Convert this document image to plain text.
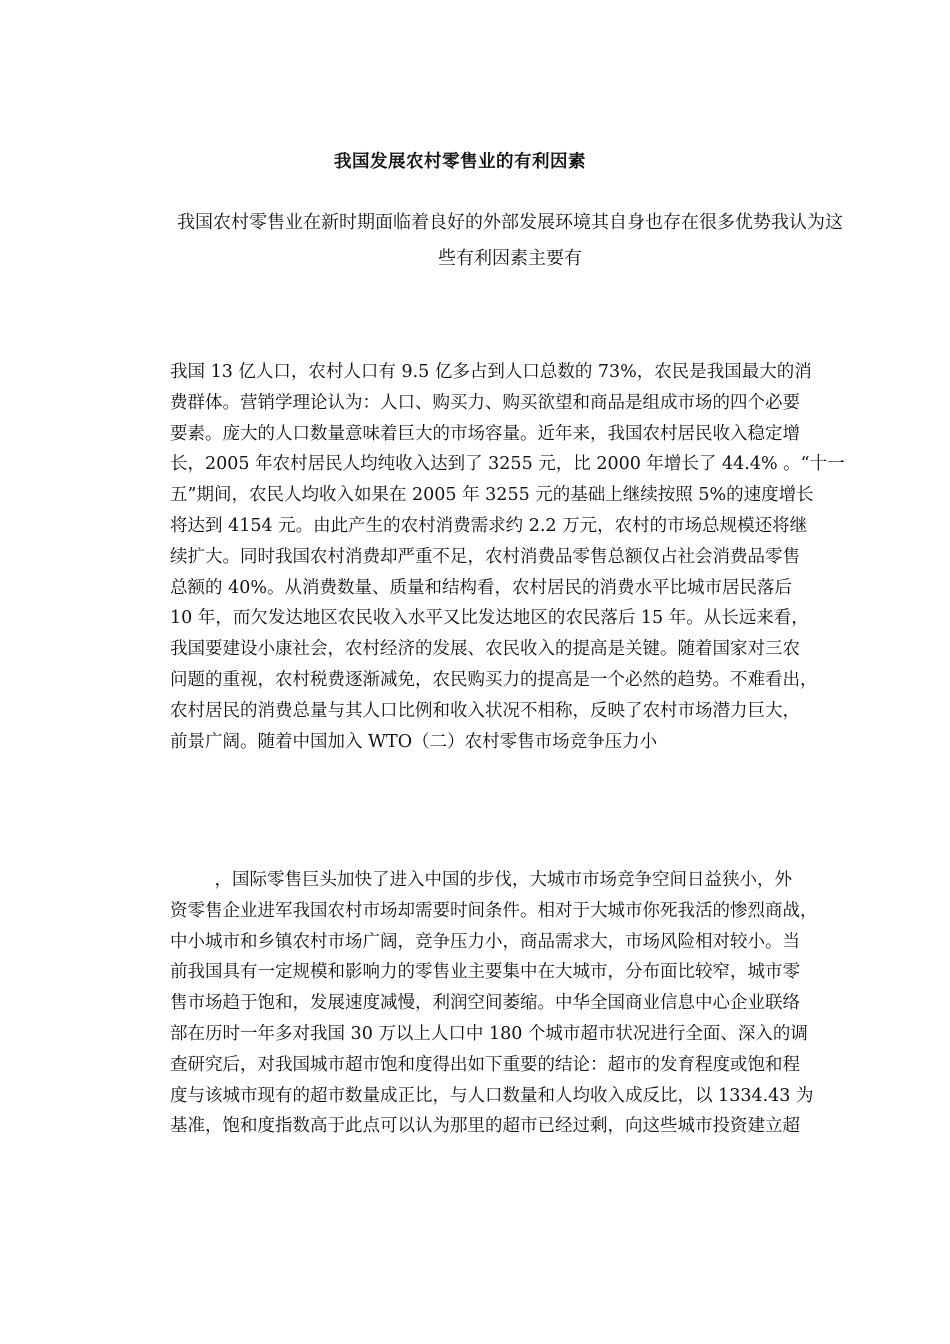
我国发展农村零售业的有利因素
我国农村零售业在新时期面临着良好的外部发展环境其自身也存在很多优势我认为这
些有利因素主要有
我国 13 亿人口，农村人口有 9.5 亿多占到人口总数的 73%，农民是我国最大的消
费群体。营销学理论认为：人口、购买力、购买欲望和商品是组成市场的四个必要
要素。庞大的人口数量意味着巨大的市场容量。近年来，我国农村居民收入稳定增
长，2005 年农村居民人均纯收入达到了 3255 元，比 2000 年增长了 44.4% 。“十一
五”期间，农民人均收入如果在 2005 年 3255 元的基础上继续按照 5%的速度增长
将达到 4154 元。由此产生的农村消费需求约 2.2 万元，农村的市场总规模还将继
续扩大。同时我国农村消费却严重不足，农村消费品零售总额仅占社会消费品零售
总额的 40%。从消费数量、质量和结构看，农村居民的消费水平比城市居民落后
10 年，而欠发达地区农民收入水平又比发达地区的农民落后 15 年。从长远来看，
我国要建设小康社会，农村经济的发展、农民收入的提高是关键。随着国家对三农
问题的重视，农村税费逐渐减免，农民购买力的提高是一个必然的趋势。不难看出，
农村居民的消费总量与其人口比例和收入状况不相称，反映了农村市场潜力巨大，
前景广阔。随着中国加入 WTO（二）农村零售市场竞争压力小
，国际零售巨头加快了进入中国的步伐，大城市市场竞争空间日益狭小，外
资零售企业进军我国农村市场却需要时间条件。相对于大城市你死我活的惨烈商战，
中小城市和乡镇农村市场广阔，竞争压力小，商品需求大，市场风险相对较小。当
前我国具有一定规模和影响力的零售业主要集中在大城市，分布面比较窄，城市零
售市场趋于饱和，发展速度减慢，利润空间萎缩。中华全国商业信息中心企业联络
部在历时一年多对我国 30 万以上人口中 180 个城市超市状况进行全面、深入的调
查研究后，对我国城市超市饱和度得出如下重要的结论：超市的发育程度或饱和程
度与该城市现有的超市数量成正比，与人口数量和人均收入成反比，以 1334.43 为
基准，饱和度指数高于此点可以认为那里的超市已经过剩，向这些城市投资建立超
